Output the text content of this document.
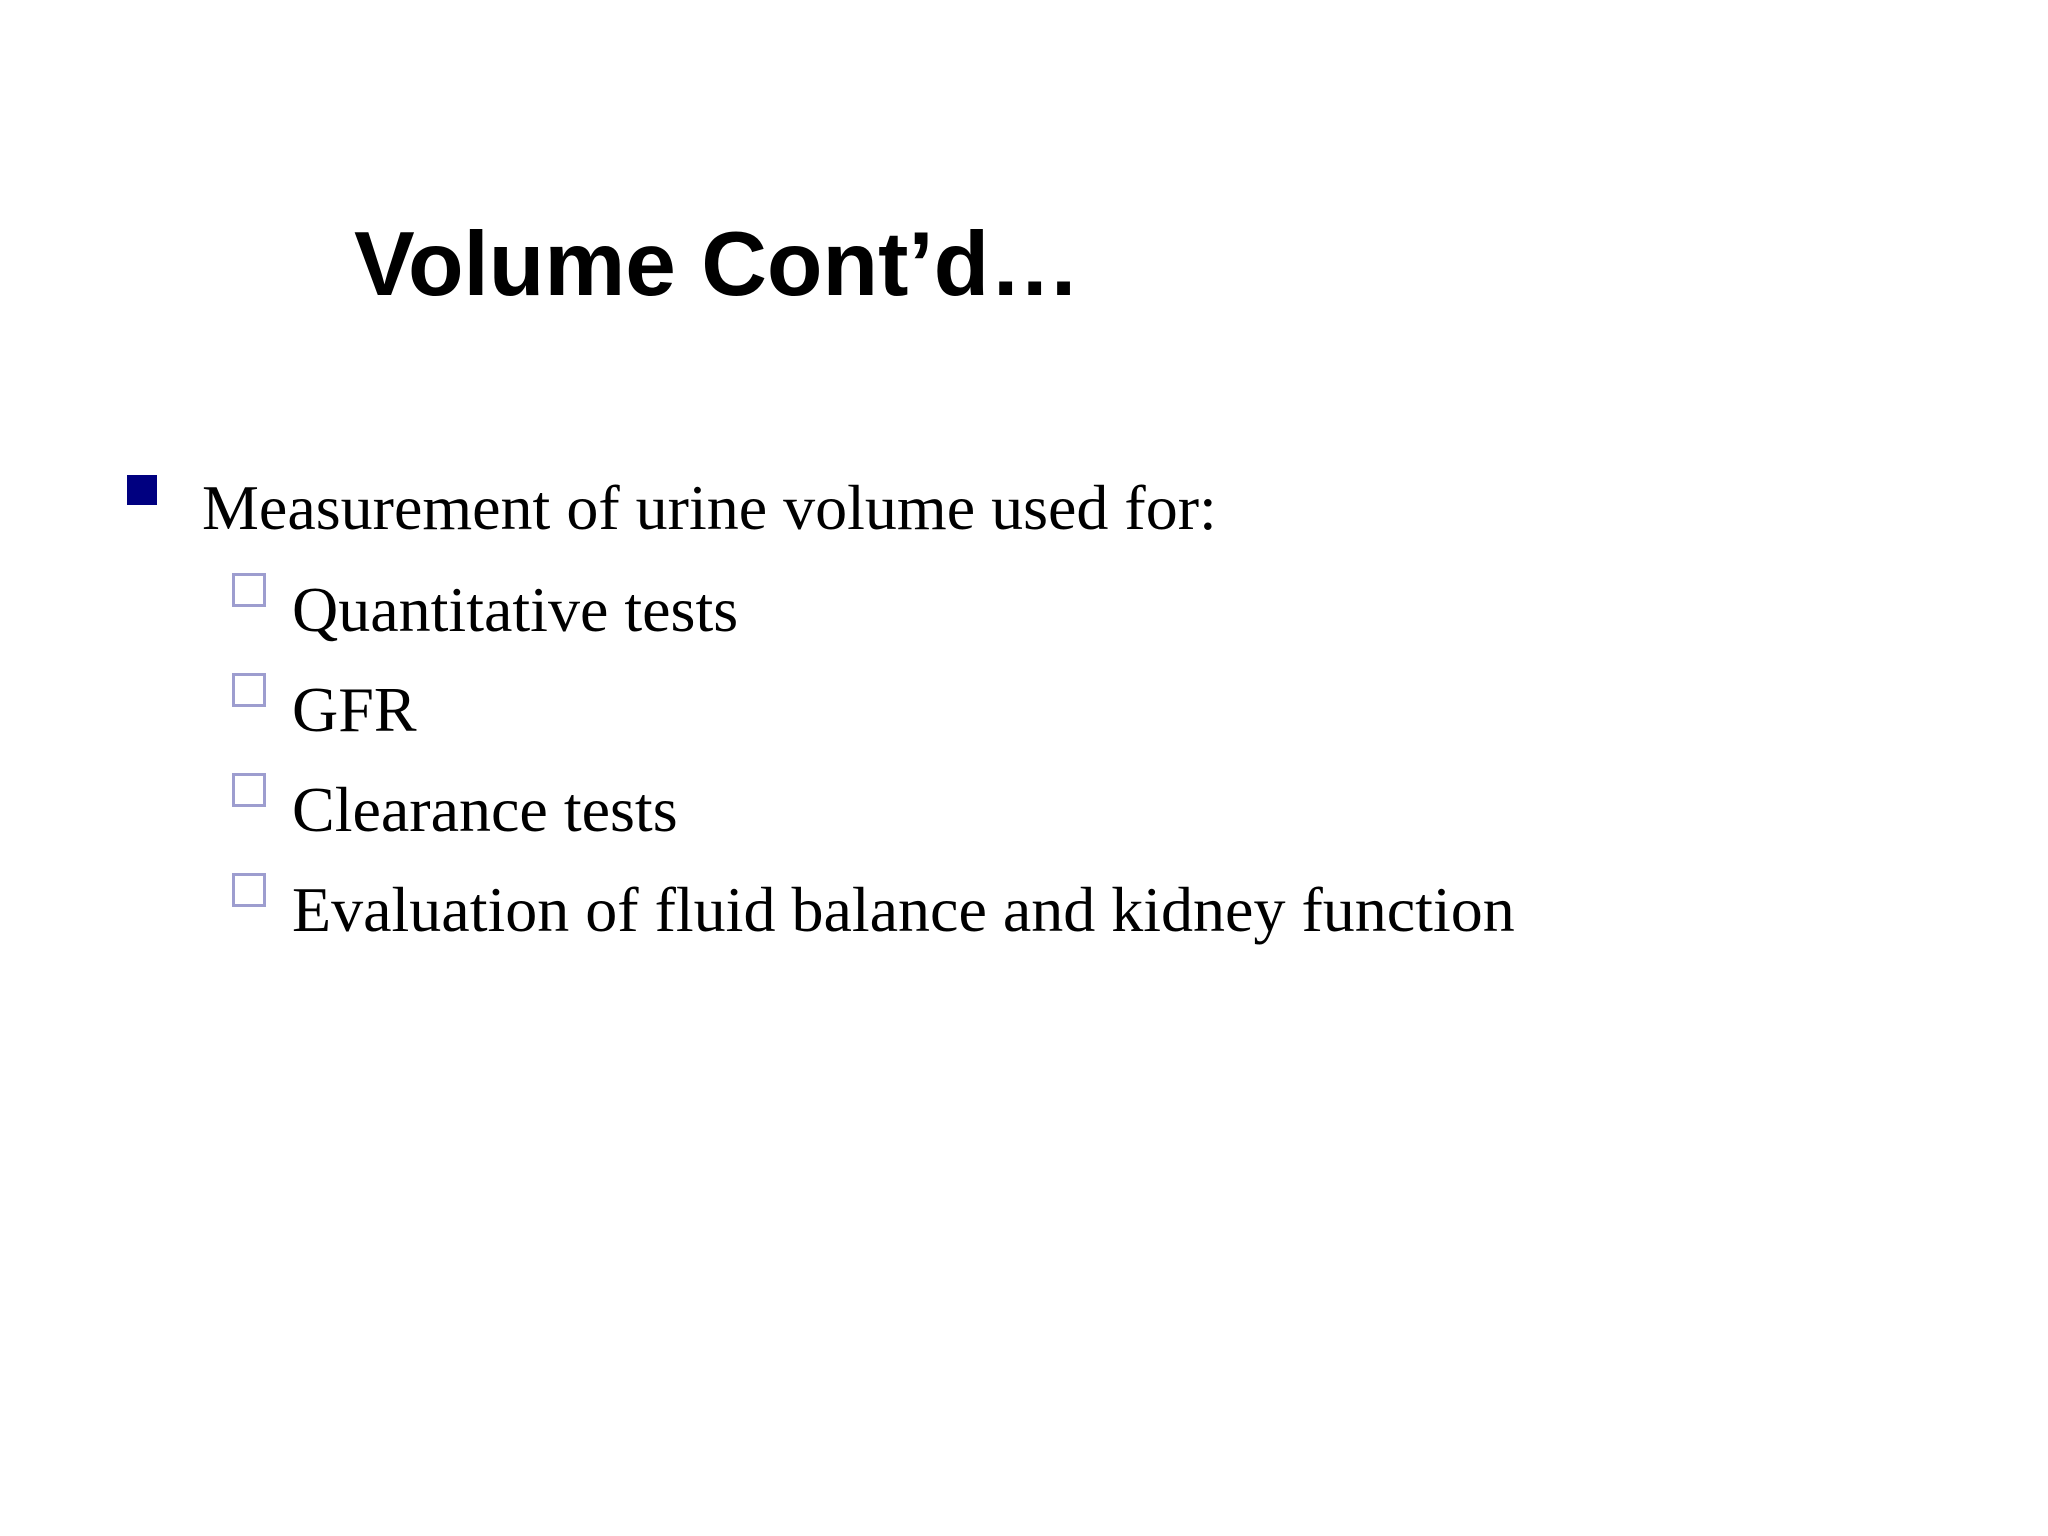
Volume Cont’d…
Measurement of urine volume used for:
Quantitative tests
GFR
Clearance tests
Evaluation of fluid balance and kidney function
